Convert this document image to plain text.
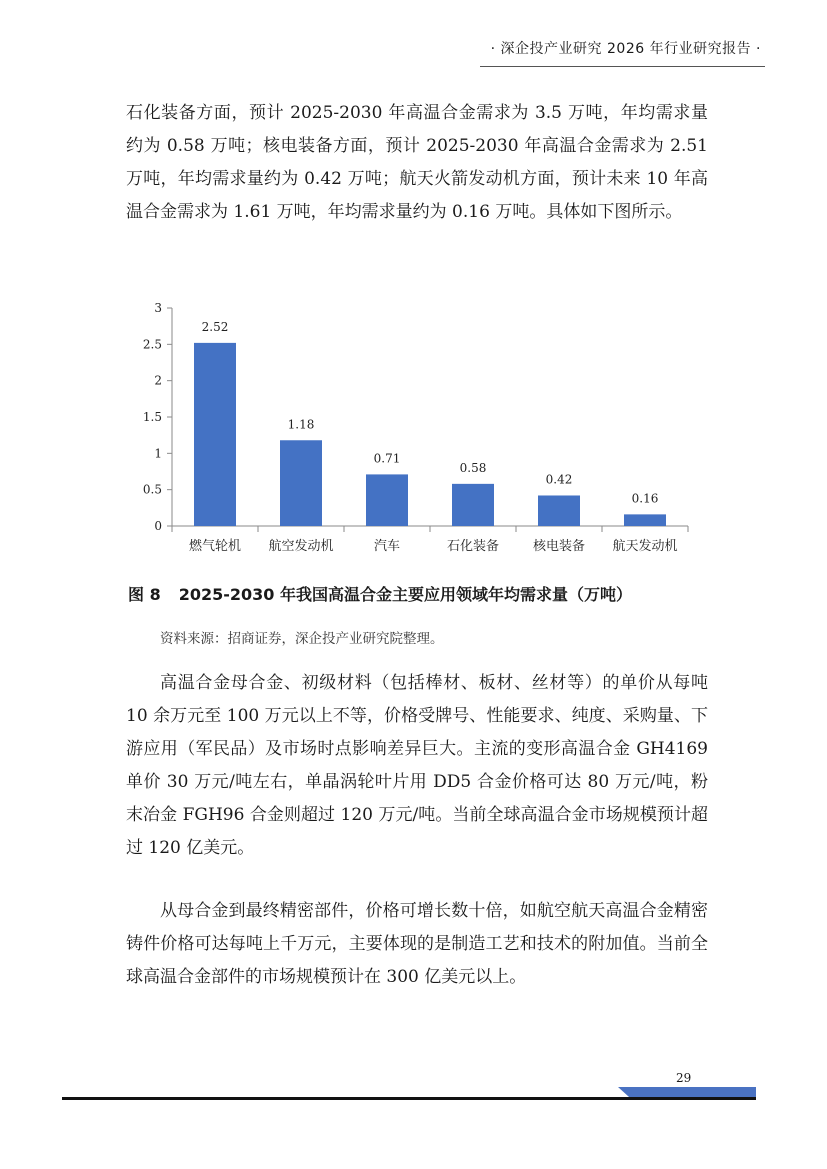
· 深企投产业研究 2026 年行业研究报告 ·

石化装备方面，预计 2025-2030 年高温合金需求为 3.5 万吨，年均需求量约为 0.58 万吨；核电装备方面，预计 2025-2030 年高温合金需求为 2.51 万吨，年均需求量约为 0.42 万吨；航天火箭发动机方面，预计未来 10 年高温合金需求为 1.61 万吨，年均需求量约为 0.16 万吨。具体如下图所示。

0
0.5
1
1.5
2
2.5
3
2.52
燃气轮机
1.18
航空发动机
0.71
汽车
0.58
石化装备
0.42
核电装备
0.16
航天发动机
图 8 2025-2030 年我国高温合金主要应用领域年均需求量（万吨）
资料来源：招商证券，深企投产业研究院整理。

高温合金母合金、初级材料（包括棒材、板材、丝材等）的单价从每吨 10 余万元至 100 万元以上不等，价格受牌号、性能要求、纯度、采购量、下游应用（军民品）及市场时点影响差异巨大。主流的变形高温合金 GH4169 单价 30 万元/吨左右，单晶涡轮叶片用 DD5 合金价格可达 80 万元/吨，粉末冶金 FGH96 合金则超过 120 万元/吨。当前全球高温合金市场规模预计超过 120 亿美元。

从母合金到最终精密部件，价格可增长数十倍，如航空航天高温合金精密铸件价格可达每吨上千万元，主要体现的是制造工艺和技术的附加值。当前全球高温合金部件的市场规模预计在 300 亿美元以上。

29
